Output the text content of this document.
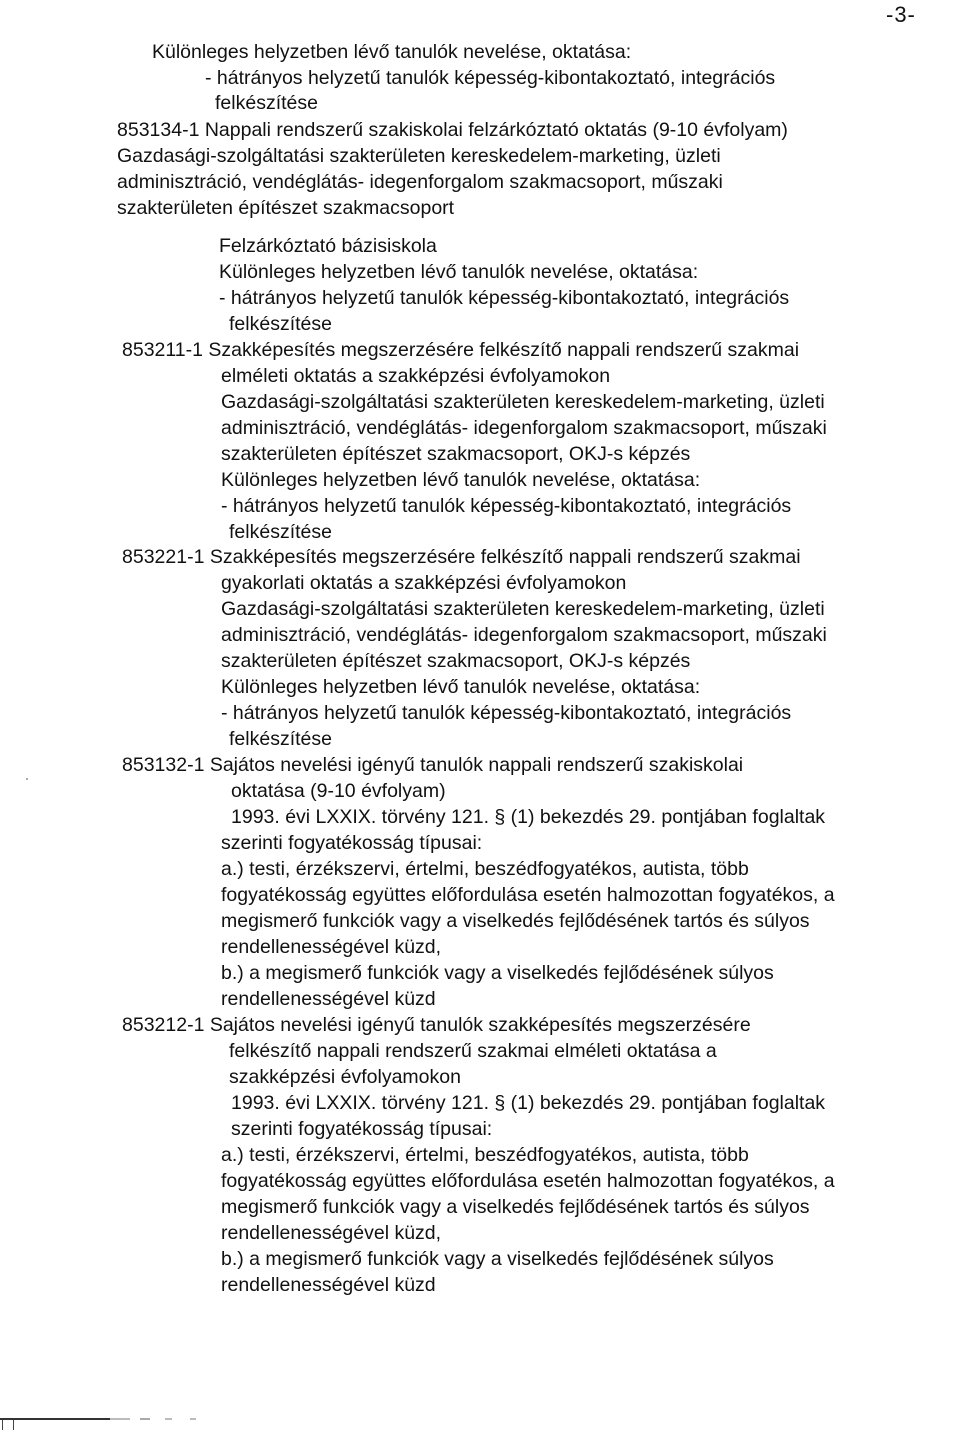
-3-
Különleges helyzetben lévő tanulók nevelése, oktatása:
- hátrányos helyzetű tanulók képesség-kibontakoztató, integrációs
felkészítése
853134-1 Nappali rendszerű szakiskolai felzárkóztató oktatás (9-10 évfolyam)
Gazdasági-szolgáltatási szakterületen kereskedelem-marketing, üzleti
adminisztráció, vendéglátás- idegenforgalom szakmacsoport, műszaki
szakterületen építészet szakmacsoport
Felzárkóztató bázisiskola
Különleges helyzetben lévő tanulók nevelése, oktatása:
- hátrányos helyzetű tanulók képesség-kibontakoztató, integrációs
felkészítése
853211-1 Szakképesítés megszerzésére felkészítő nappali rendszerű szakmai
elméleti oktatás a szakképzési évfolyamokon
Gazdasági-szolgáltatási szakterületen kereskedelem-marketing, üzleti
adminisztráció, vendéglátás- idegenforgalom szakmacsoport, műszaki
szakterületen építészet szakmacsoport, OKJ-s képzés
Különleges helyzetben lévő tanulók nevelése, oktatása:
- hátrányos helyzetű tanulók képesség-kibontakoztató, integrációs
felkészítése
853221-1 Szakképesítés megszerzésére felkészítő nappali rendszerű szakmai
gyakorlati oktatás a szakképzési évfolyamokon
Gazdasági-szolgáltatási szakterületen kereskedelem-marketing, üzleti
adminisztráció, vendéglátás- idegenforgalom szakmacsoport, műszaki
szakterületen építészet szakmacsoport, OKJ-s képzés
Különleges helyzetben lévő tanulók nevelése, oktatása:
- hátrányos helyzetű tanulók képesség-kibontakoztató, integrációs
felkészítése
853132-1 Sajátos nevelési igényű tanulók nappali rendszerű szakiskolai
oktatása (9-10 évfolyam)
1993. évi LXXIX. törvény 121. § (1) bekezdés 29. pontjában foglaltak
szerinti fogyatékosság típusai:
a.) testi, érzékszervi, értelmi, beszédfogyatékos, autista, több
fogyatékosság együttes előfordulása esetén halmozottan fogyatékos, a
megismerő funkciók vagy a viselkedés fejlődésének tartós és súlyos
rendellenességével küzd,
b.) a megismerő funkciók vagy a viselkedés fejlődésének súlyos
rendellenességével küzd
853212-1 Sajátos nevelési igényű tanulók szakképesítés megszerzésére
felkészítő nappali rendszerű szakmai elméleti oktatása a
szakképzési évfolyamokon
1993. évi LXXIX. törvény 121. § (1) bekezdés 29. pontjában foglaltak
szerinti fogyatékosság típusai:
a.) testi, érzékszervi, értelmi, beszédfogyatékos, autista, több
fogyatékosság együttes előfordulása esetén halmozottan fogyatékos, a
megismerő funkciók vagy a viselkedés fejlődésének tartós és súlyos
rendellenességével küzd,
b.) a megismerő funkciók vagy a viselkedés fejlődésének súlyos
rendellenességével küzd
